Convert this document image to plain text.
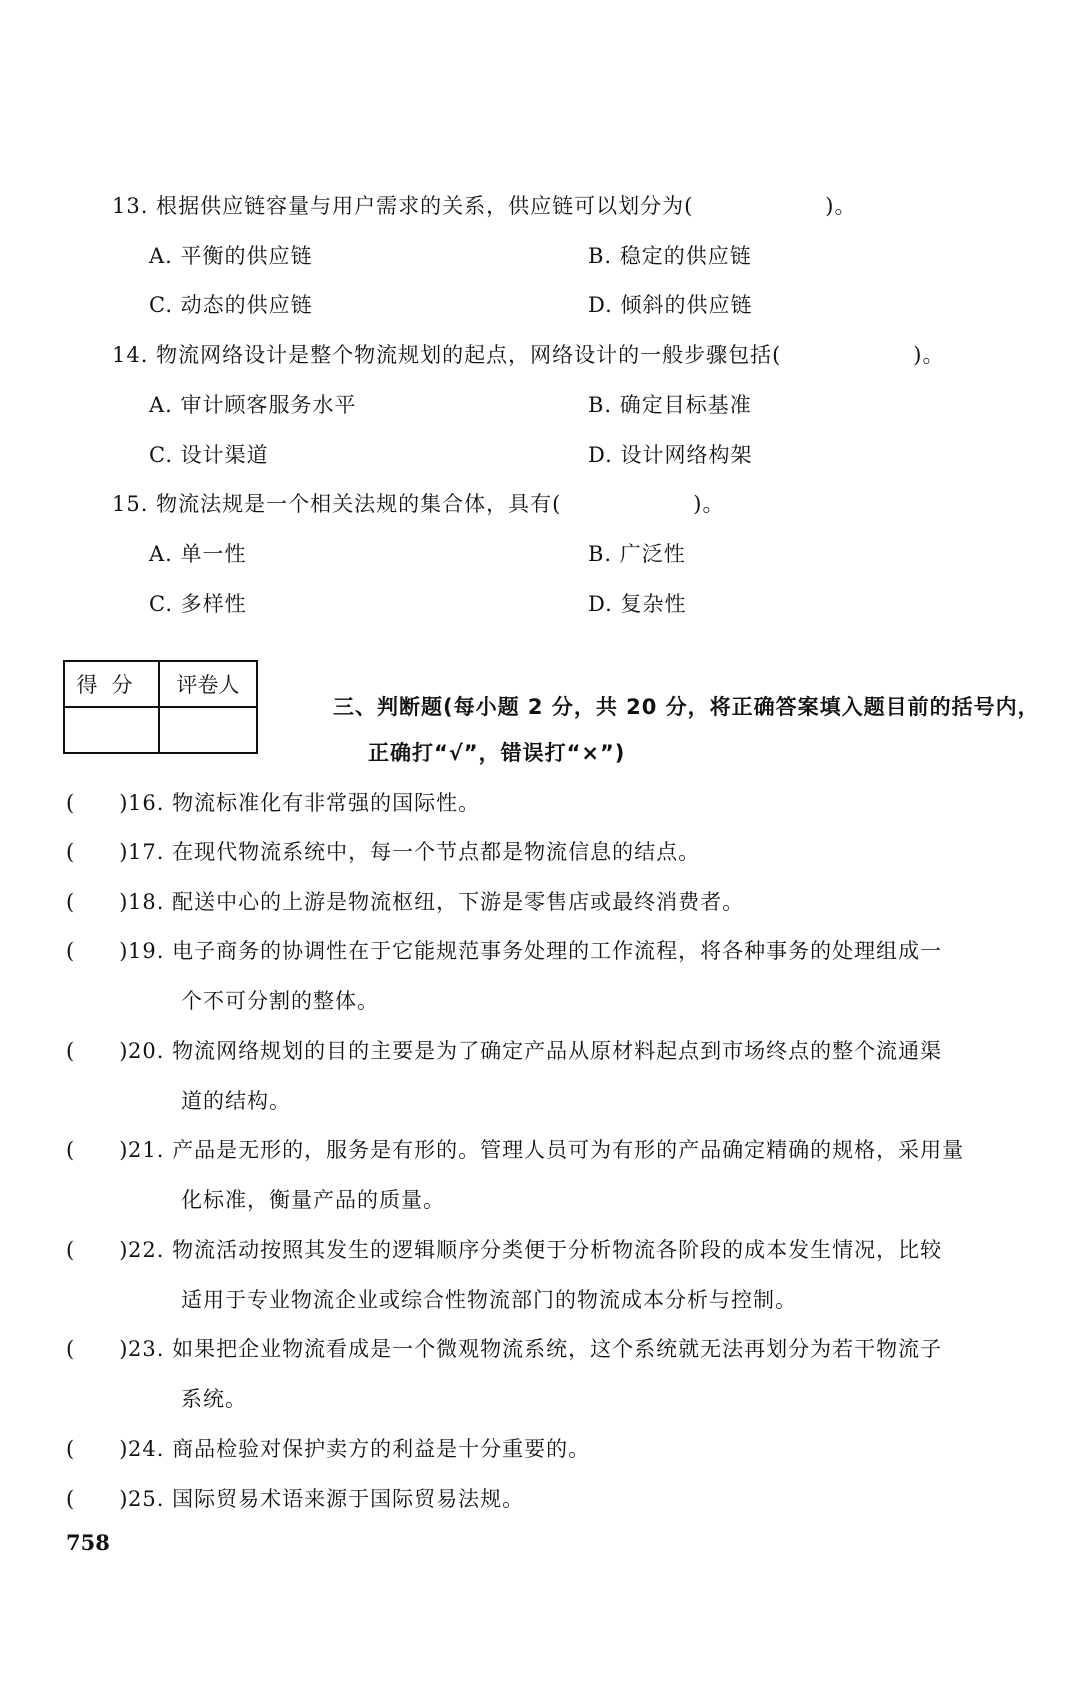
13. 根据供应链容量与用户需求的关系，供应链可以划分为(　　　　　　)。
A. 平衡的供应链	B. 稳定的供应链
C. 动态的供应链	D. 倾斜的供应链
14. 物流网络设计是整个物流规划的起点，网络设计的一般步骤包括(　　　　　　)。
A. 审计顾客服务水平	B. 确定目标基准
C. 设计渠道	D. 设计网络构架
15. 物流法规是一个相关法规的集合体，具有(　　　　　　)。
A. 单一性	B. 广泛性
C. 多样性	D. 复杂性
得分	评卷人

三、判断题(每小题 2 分，共 20 分，将正确答案填入题目前的括号内，
正确打“√”，错误打“×”)
(　　)16. 物流标准化有非常强的国际性。
(　　)17. 在现代物流系统中，每一个节点都是物流信息的结点。
(　　)18. 配送中心的上游是物流枢纽，下游是零售店或最终消费者。
(　　)19. 电子商务的协调性在于它能规范事务处理的工作流程，将各种事务的处理组成一
个不可分割的整体。
(　　)20. 物流网络规划的目的主要是为了确定产品从原材料起点到市场终点的整个流通渠
道的结构。
(　　)21. 产品是无形的，服务是有形的。管理人员可为有形的产品确定精确的规格，采用量
化标准，衡量产品的质量。
(　　)22. 物流活动按照其发生的逻辑顺序分类便于分析物流各阶段的成本发生情况，比较
适用于专业物流企业或综合性物流部门的物流成本分析与控制。
(　　)23. 如果把企业物流看成是一个微观物流系统，这个系统就无法再划分为若干物流子
系统。
(　　)24. 商品检验对保护卖方的利益是十分重要的。
(　　)25. 国际贸易术语来源于国际贸易法规。
758
